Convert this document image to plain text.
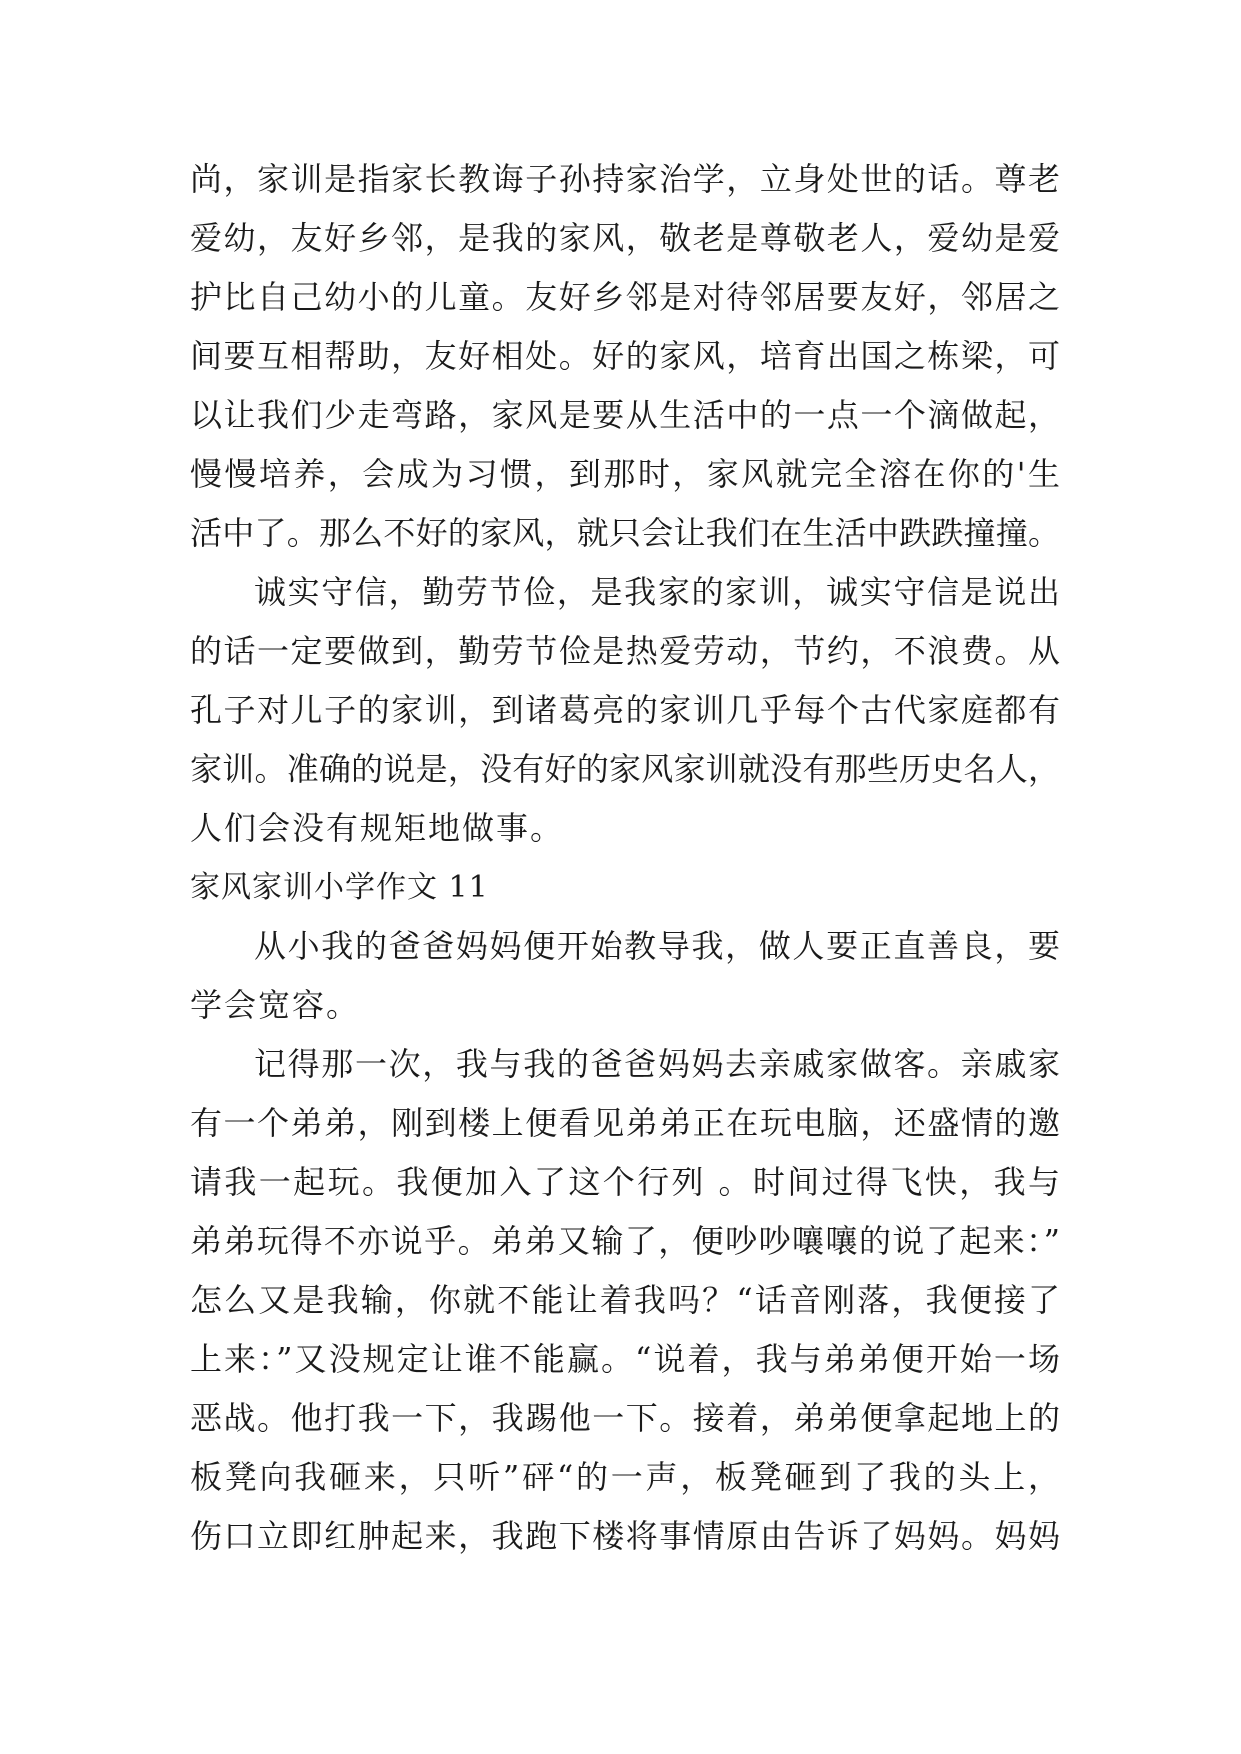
尚，家训是指家长教诲子孙持家治学，立身处世的话。尊老
爱幼，友好乡邻，是我的家风，敬老是尊敬老人，爱幼是爱
护比自己幼小的儿童。友好乡邻是对待邻居要友好，邻居之
间要互相帮助，友好相处。好的家风，培育出国之栋梁，可
以让我们少走弯路，家风是要从生活中的一点一个滴做起，
慢慢培养，会成为习惯，到那时，家风就完全溶在你的'生
活中了。那么不好的家风，就只会让我们在生活中跌跌撞撞。
诚实守信，勤劳节俭，是我家的家训，诚实守信是说出
的话一定要做到，勤劳节俭是热爱劳动，节约，不浪费。从
孔子对儿子的家训，到诸葛亮的家训几乎每个古代家庭都有
家训。准确的说是，没有好的家风家训就没有那些历史名人，
人们会没有规矩地做事。
家风家训小学作文 11
从小我的爸爸妈妈便开始教导我，做人要正直善良，要
学会宽容。
记得那一次，我与我的爸爸妈妈去亲戚家做客。亲戚家
有一个弟弟，刚到楼上便看见弟弟正在玩电脑，还盛情的邀
请我一起玩。我便加入了这个行列 。时间过得飞快，我与
弟弟玩得不亦说乎。弟弟又输了，便吵吵嚷嚷的说了起来：”
怎么又是我输，你就不能让着我吗？“话音刚落，我便接了
上来：”又没规定让谁不能赢。“说着，我与弟弟便开始一场
恶战。他打我一下，我踢他一下。接着，弟弟便拿起地上的
板凳向我砸来，只听”砰“的一声，板凳砸到了我的头上，
伤口立即红肿起来，我跑下楼将事情原由告诉了妈妈。妈妈
